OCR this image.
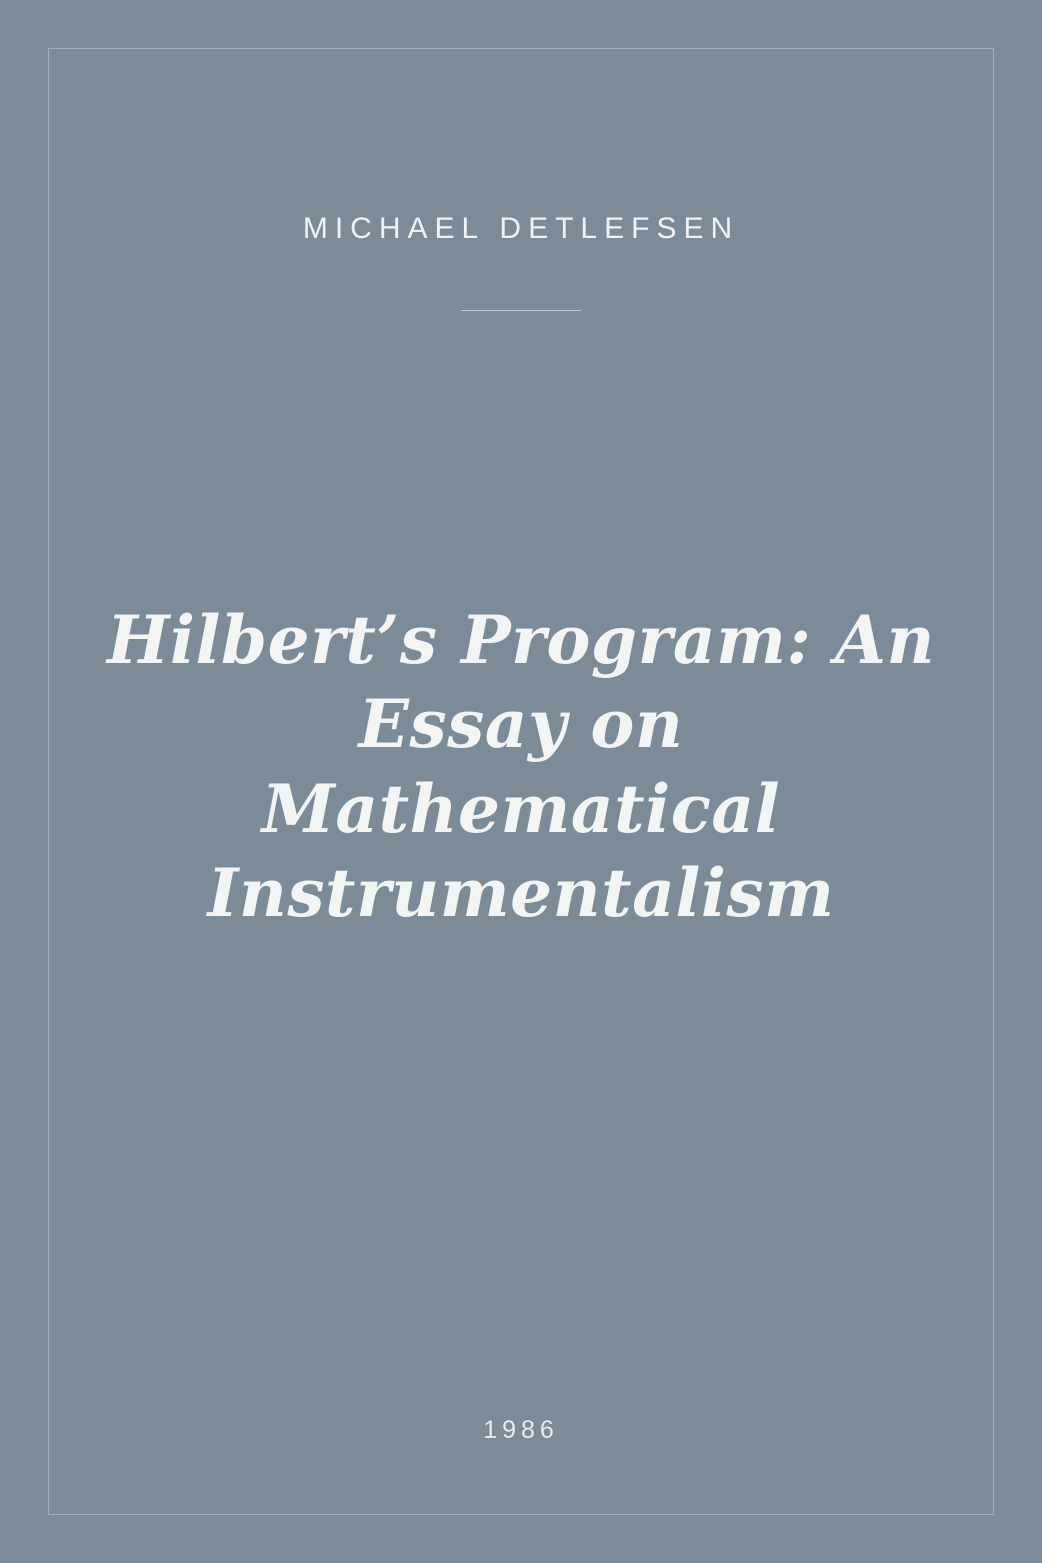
MICHAEL DETLEFSEN
Hilbert’s Program: An Essay on Mathematical Instrumentalism
1986
